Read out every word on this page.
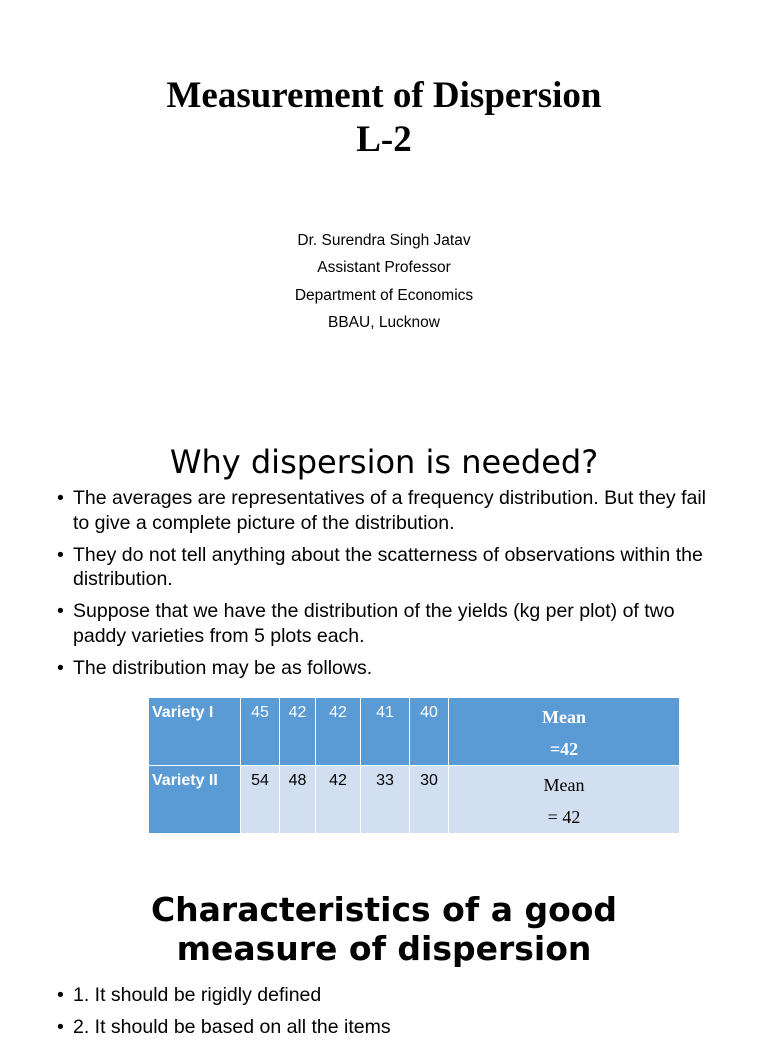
Measurement of Dispersion
L-2
Dr. Surendra Singh Jatav
Assistant Professor
Department of Economics
BBAU, Lucknow
Why dispersion is needed?
• The averages are representatives of a frequency distribution. But they fail to give a complete picture of the distribution.
• They do not tell anything about the scatterness of observations within the distribution.
• Suppose that we have the distribution of the yields (kg per plot) of two paddy varieties from 5 plots each.
• The distribution may be as follows.
Variety I	45	42	42	41	40	Mean
=42

Variety II	54	48	42	33	30	Mean
= 42
Characteristics of a good
measure of dispersion
• 1. It should be rigidly defined
• 2. It should be based on all the items
